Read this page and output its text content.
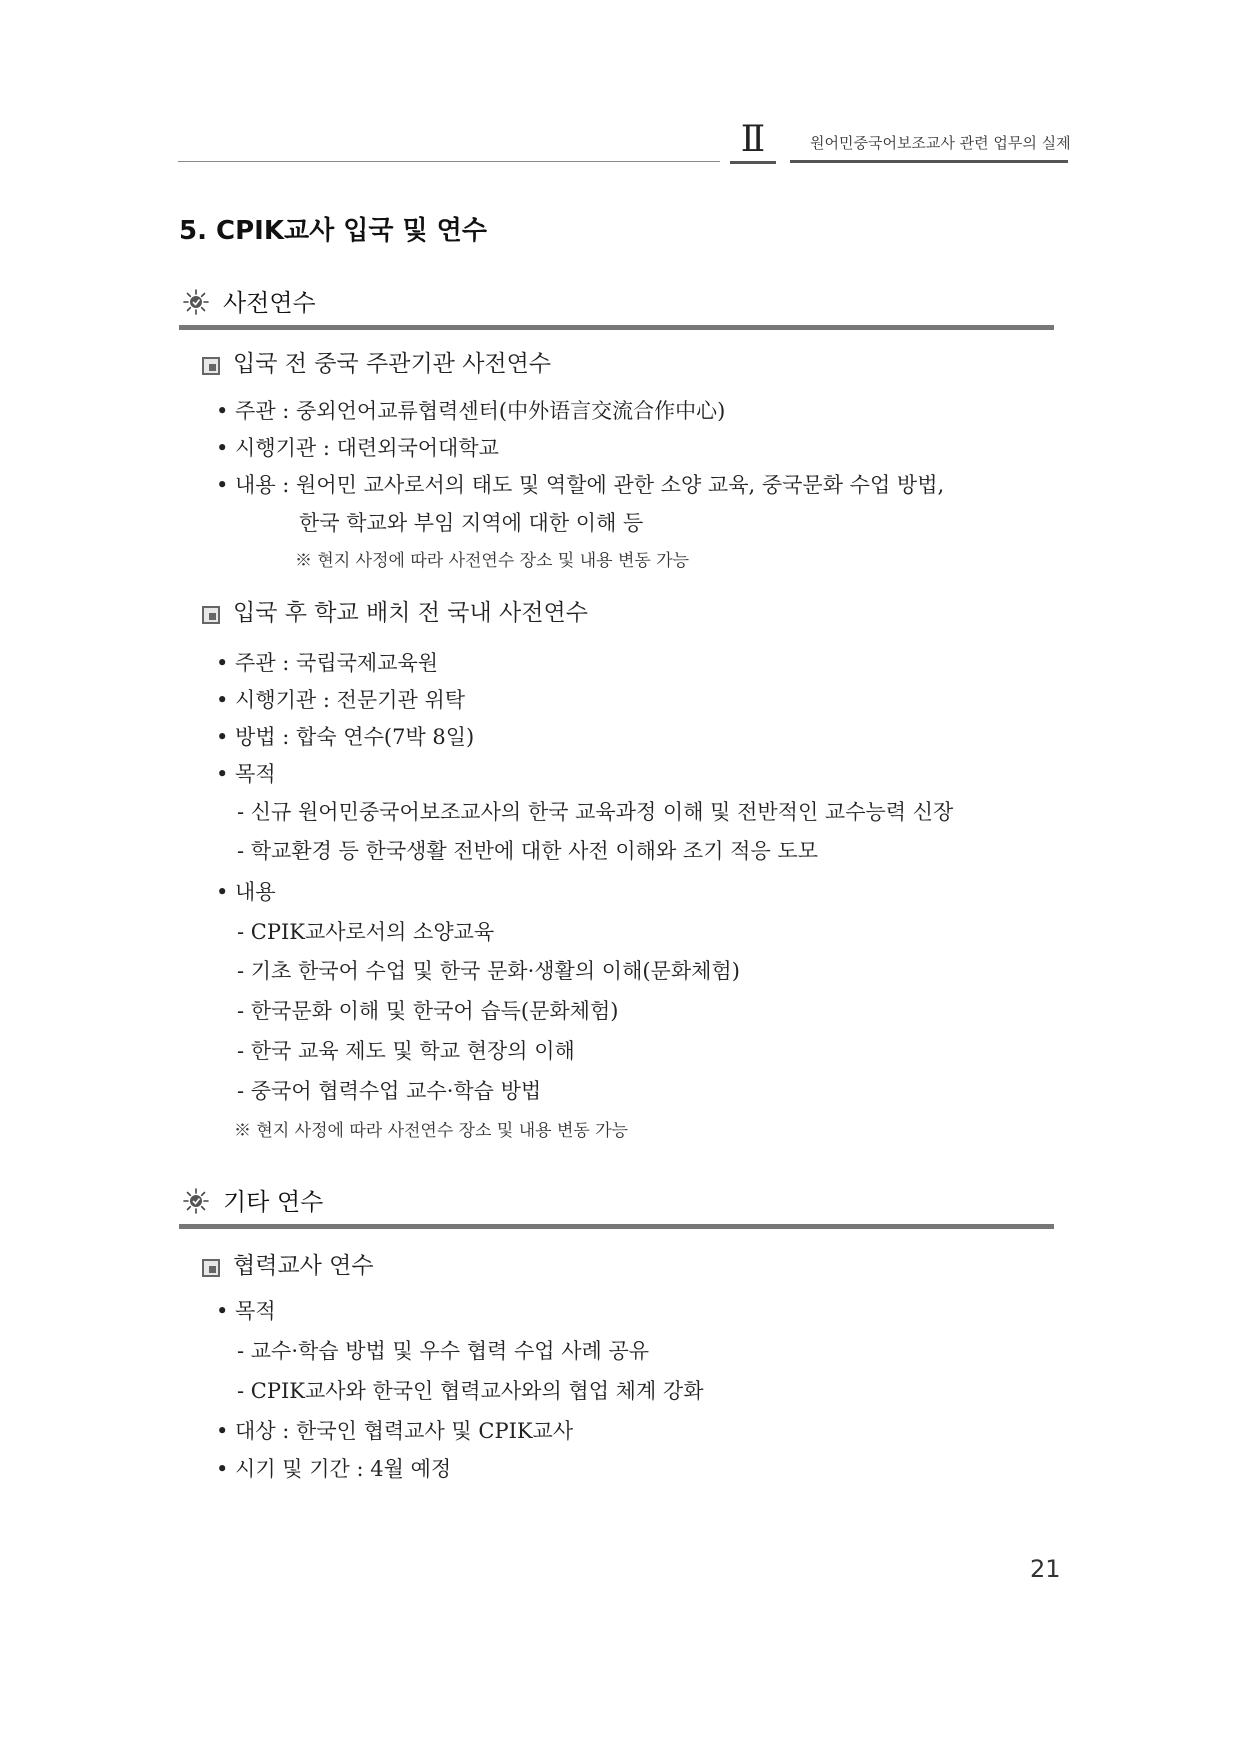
Ⅱ	원어민중국어보조교사 관련 업무의 실제
5. CPIK교사 입국 및 연수
사전연수
입국 전 중국 주관기관 사전연수
• 주관 : 중외언어교류협력센터(中外语言交流合作中心)
• 시행기관 : 대련외국어대학교
• 내용 : 원어민 교사로서의 태도 및 역할에 관한 소양 교육, 중국문화 수업 방법,
한국 학교와 부임 지역에 대한 이해 등
※ 현지 사정에 따라 사전연수 장소 및 내용 변동 가능
입국 후 학교 배치 전 국내 사전연수
• 주관 : 국립국제교육원
• 시행기관 : 전문기관 위탁
• 방법 : 합숙 연수(7박 8일)
• 목적
- 신규 원어민중국어보조교사의 한국 교육과정 이해 및 전반적인 교수능력 신장
- 학교환경 등 한국생활 전반에 대한 사전 이해와 조기 적응 도모
• 내용
- CPIK교사로서의 소양교육
- 기초 한국어 수업 및 한국 문화·생활의 이해(문화체험)
- 한국문화 이해 및 한국어 습득(문화체험)
- 한국 교육 제도 및 학교 현장의 이해
- 중국어 협력수업 교수·학습 방법
※ 현지 사정에 따라 사전연수 장소 및 내용 변동 가능
기타 연수
협력교사 연수
• 목적
- 교수·학습 방법 및 우수 협력 수업 사례 공유
- CPIK교사와 한국인 협력교사와의 협업 체계 강화
• 대상 : 한국인 협력교사 및 CPIK교사
• 시기 및 기간 : 4월 예정
21
